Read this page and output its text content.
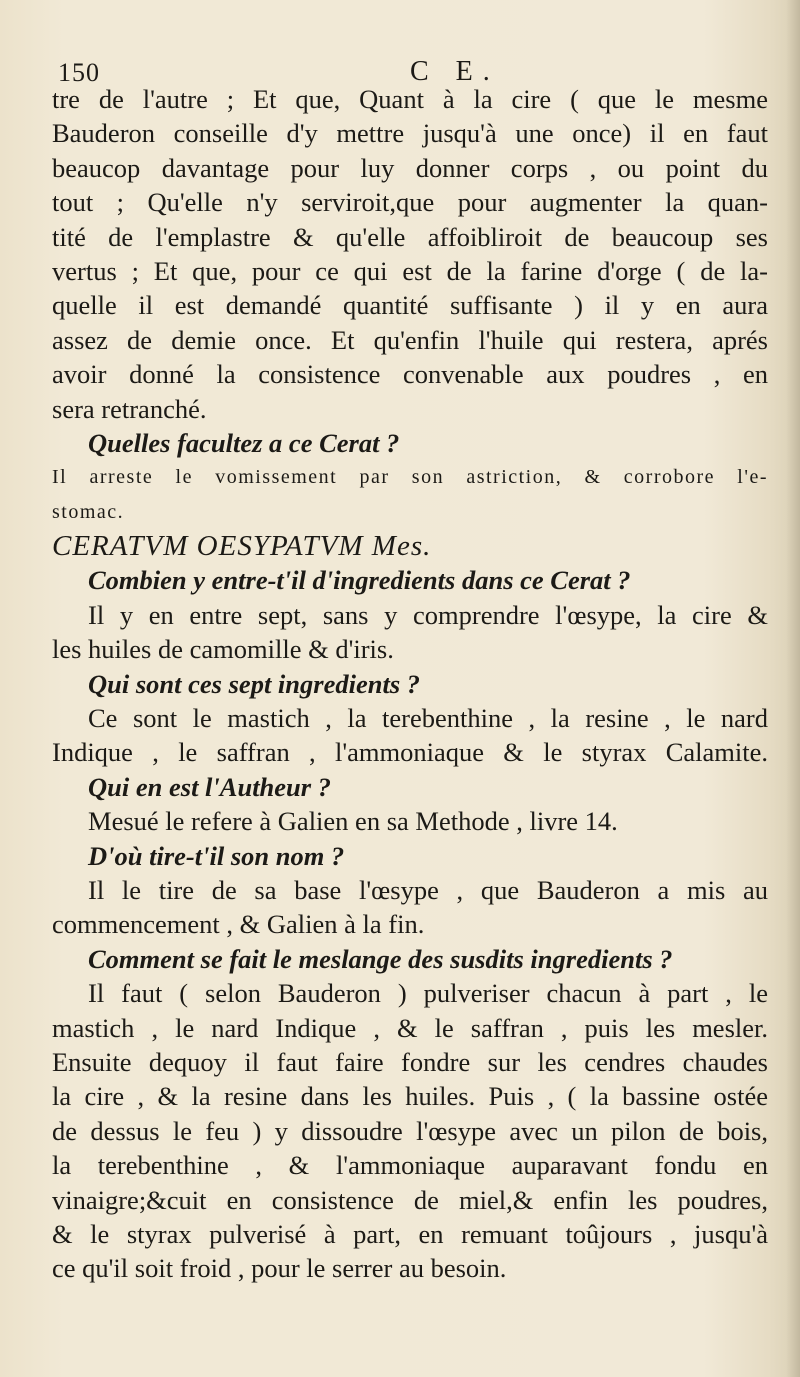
150	C E.
tre de l'autre ; Et que, Quant à la cire ( que le mesme
Bauderon conseille d'y mettre jusqu'à une once) il en faut
beaucop davantage pour luy donner corps , ou point du
tout ; Qu'elle n'y serviroit,que pour augmenter la quan-
tité de l'emplastre & qu'elle affoibliroit de beaucoup ses
vertus ; Et que, pour ce qui est de la farine d'orge ( de la-
quelle il est demandé quantité suffisante ) il y en aura
assez de demie once. Et qu'enfin l'huile qui restera, aprés
avoir donné la consistence convenable aux poudres , en
sera retranché.
Quelles facultez a ce Cerat ?
Il arreste le vomissement par son astriction, & corrobore l'e-
stomac.
CERATVM OESYPATVM Mes.
Combien y entre-t'il d'ingredients dans ce Cerat ?
Il y en entre sept, sans y comprendre l'œsype, la cire &
les huiles de camomille & d'iris.
Qui sont ces sept ingredients ?
Ce sont le mastich , la terebenthine , la resine , le nard
Indique , le saffran , l'ammoniaque & le styrax Calamite.
Qui en est l'Autheur ?
Mesué le refere à Galien en sa Methode , livre 14.
D'où tire-t'il son nom ?
Il le tire de sa base l'œsype , que Bauderon a mis au
commencement , & Galien à la fin.
Comment se fait le meslange des susdits ingredients ?
Il faut ( selon Bauderon ) pulveriser chacun à part , le
mastich , le nard Indique , & le saffran , puis les mesler.
Ensuite dequoy il faut faire fondre sur les cendres chaudes
la cire , & la resine dans les huiles. Puis , ( la bassine ostée
de dessus le feu ) y dissoudre l'œsype avec un pilon de bois,
la terebenthine , & l'ammoniaque auparavant fondu en
vinaigre;&cuit en consistence de miel,& enfin les poudres,
& le styrax pulverisé à part, en remuant toûjours , jusqu'à
ce qu'il soit froid , pour le serrer au besoin.
